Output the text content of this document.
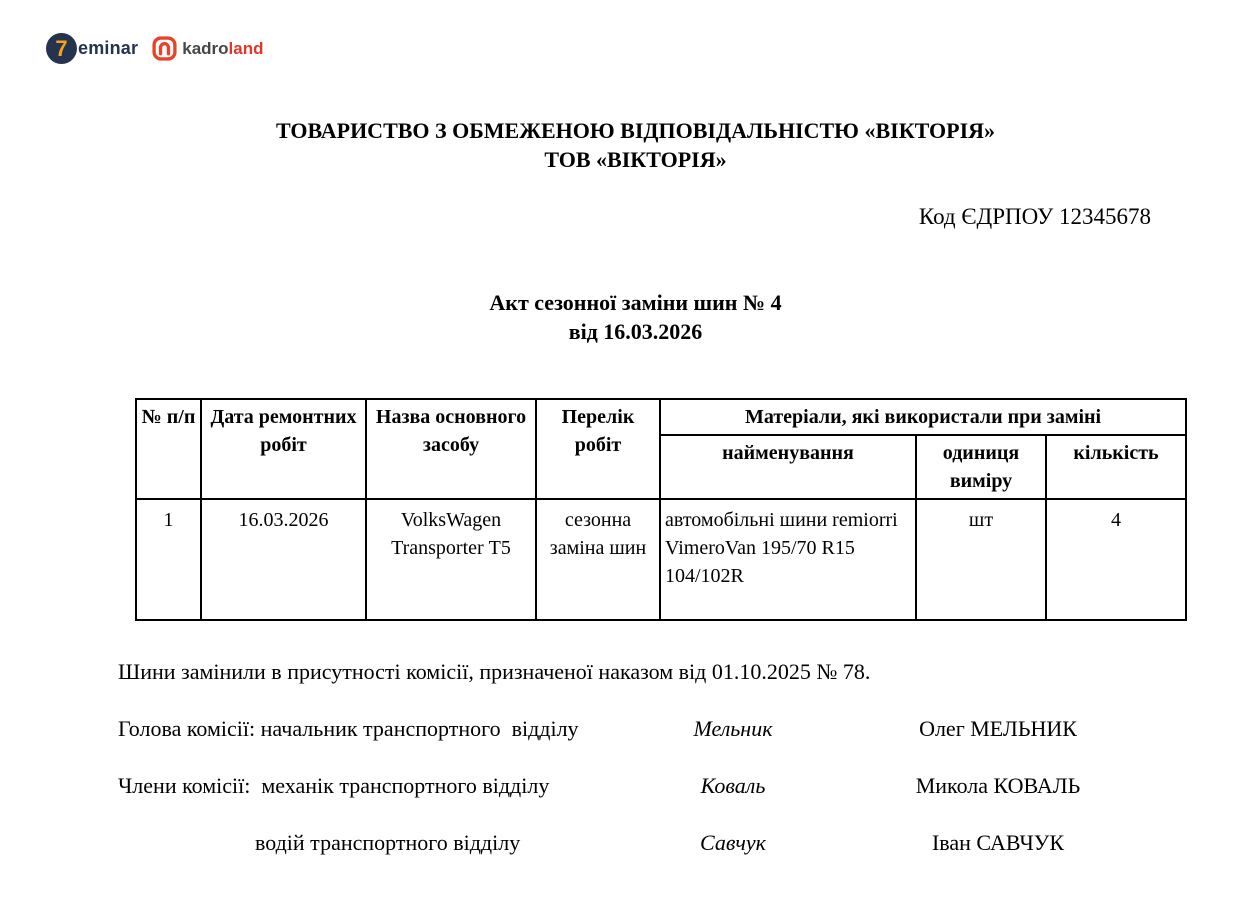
7 eminar	kadroland
ТОВАРИСТВО З ОБМЕЖЕНОЮ ВІДПОВІДАЛЬНІСТЮ «ВІКТОРІЯ»
ТОВ «ВІКТОРІЯ»
Код ЄДРПОУ 12345678
Акт сезонної заміни шин № 4
від 16.03.2026
№ п/п	Дата ремонтних робіт	Назва основного засобу	Перелік робіт	Матеріали, які використали при заміні		
				найменування	одиниця виміру	кількість
1	16.03.2026	VolksWagen Transporter Т5	сезонна заміна шин	автомобільні шини remiorri VimeroVan 195/70 R15 104/102R	шт	4
Шини замінили в присутності комісії, призначеної наказом від 01.10.2025 № 78.
Голова комісії: начальник транспортного  відділу	Мельник	Олег МЕЛЬНИК
Члени комісії:  механік транспортного відділу	Коваль	Микола КОВАЛЬ
водій транспортного відділу	Савчук	Іван САВЧУК
